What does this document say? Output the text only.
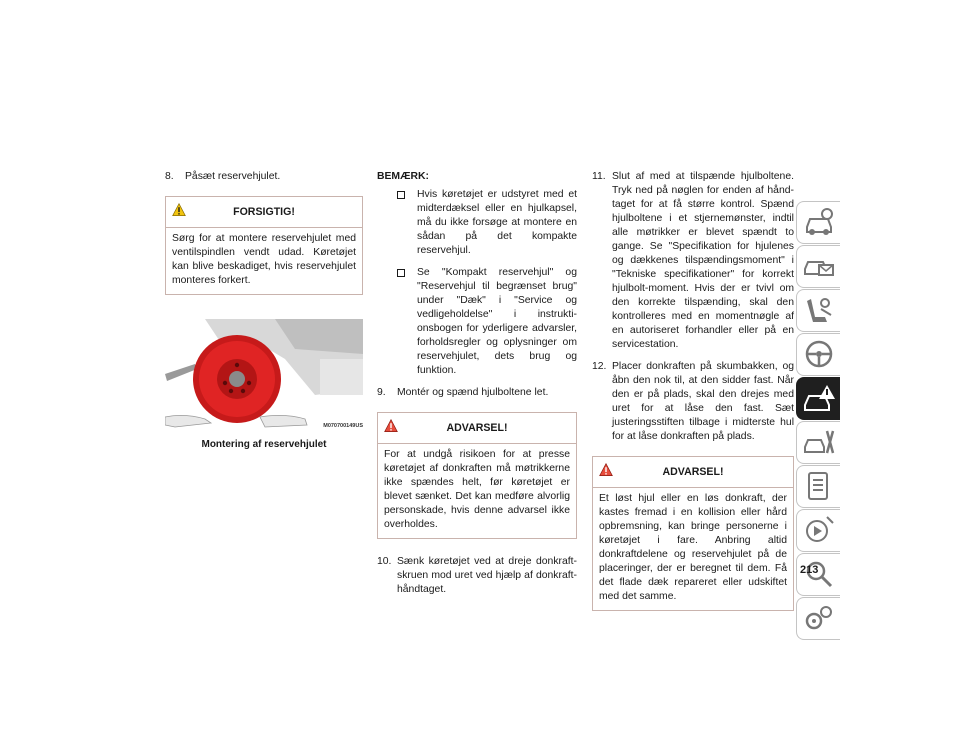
8. Påsæt reservehjulet.
FORSIGTIG!
Sørg for at montere reservehjulet med ventilspindlen vendt udad. Køretøjet kan blive beskadiget, hvis reservehjulet monteres forkert.
M070700149US
Montering af reservehjulet
BEMÆRK:
Hvis køretøjet er udstyret med et midterdæksel eller en hjulkapsel, må du ikke forsøge at montere en sådan på det kompakte reservehjul.
Se "Kompakt reservehjul" og "Reservehjul til begrænset brug" under "Dæk" i "Service og vedligeholdelse" i instruktionsbogen for yderligere advarsler, forholdsregler og oplysninger om reservehjulet, dets brug og funktion.
9. Montér og spænd hjulboltene let.
ADVARSEL!
For at undgå risikoen for at presse køretøjet af donkraften må møtrikkerne ikke spændes helt, før køretøjet er blevet sænket. Det kan medføre alvorlig personskade, hvis denne advarsel ikke overholdes.
10. Sænk køretøjet ved at dreje donkraftskruen mod uret ved hjælp af donkrafthåndtaget.
11. Slut af med at tilspænde hjulboltene. Tryk ned på nøglen for enden af håndtaget for at få større kontrol. Spænd hjulboltene i et stjernemønster, indtil alle møtrikker er blevet spændt to gange. Se "Specifikation for hjulenes og dækkenes tilspændingsmoment" i "Tekniske specifikationer" for korrekt hjulbolt-moment. Hvis der er tvivl om den korrekte tilspænding, skal den kontrolleres med en momentnøgle af en autoriseret forhandler eller på en servicestation.
12. Placer donkraften på skumbakken, og åbn den nok til, at den sidder fast. Når den er på plads, skal den drejes med uret for at låse den fast. Sæt justeringsstiften tilbage i midterste hul for at låse donkraften på plads.
ADVARSEL!
Et løst hjul eller en løs donkraft, der kastes fremad i en kollision eller hård opbremsning, kan bringe personerne i køretøjet i fare. Anbring altid donkraftdelene og reservehjulet på de placeringer, der er beregnet til dem. Få det flade dæk repareret eller udskiftet med det samme.
213
